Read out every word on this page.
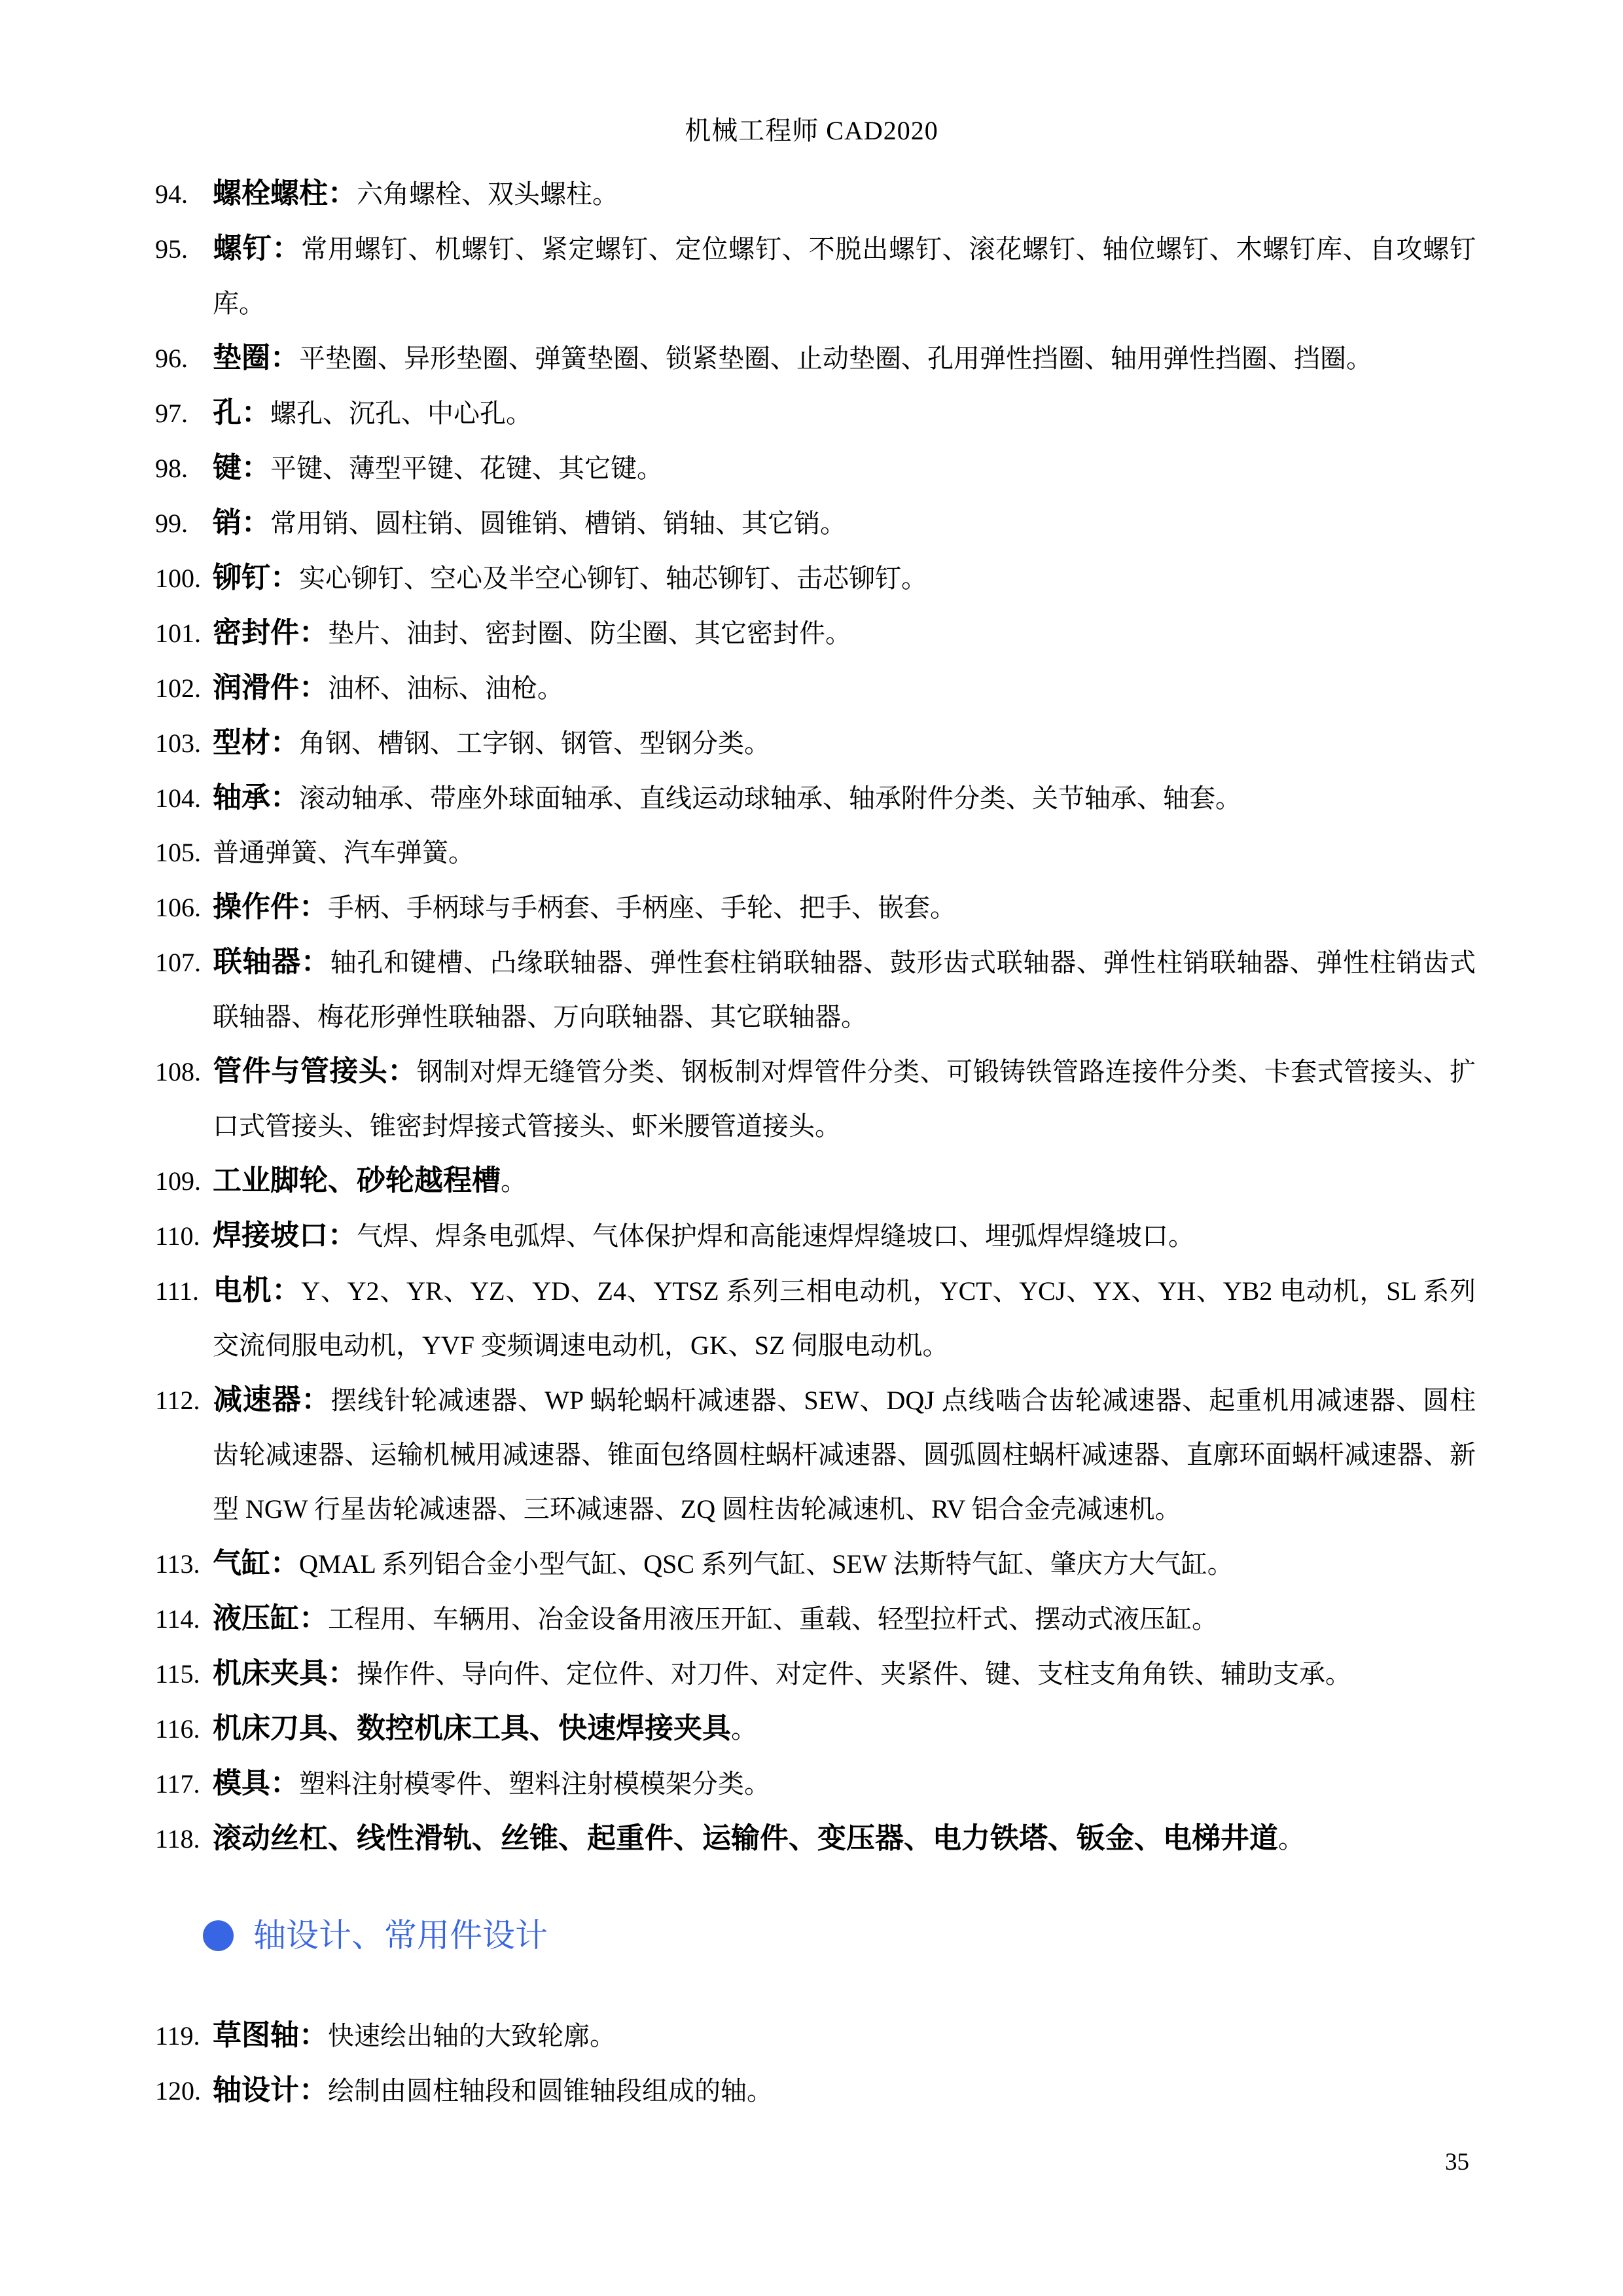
机械工程师 CAD2020
94. 螺栓螺柱：六角螺栓、双头螺柱。
95. 螺钉：常用螺钉、机螺钉、紧定螺钉、定位螺钉、不脱出螺钉、滚花螺钉、轴位螺钉、木螺钉库、自攻螺钉库。
96. 垫圈：平垫圈、异形垫圈、弹簧垫圈、锁紧垫圈、止动垫圈、孔用弹性挡圈、轴用弹性挡圈、挡圈。
97. 孔：螺孔、沉孔、中心孔。
98. 键：平键、薄型平键、花键、其它键。
99. 销：常用销、圆柱销、圆锥销、槽销、销轴、其它销。
100. 铆钉：实心铆钉、空心及半空心铆钉、轴芯铆钉、击芯铆钉。
101. 密封件：垫片、油封、密封圈、防尘圈、其它密封件。
102. 润滑件：油杯、油标、油枪。
103. 型材：角钢、槽钢、工字钢、钢管、型钢分类。
104. 轴承：滚动轴承、带座外球面轴承、直线运动球轴承、轴承附件分类、关节轴承、轴套。
105. 普通弹簧、汽车弹簧。
106. 操作件：手柄、手柄球与手柄套、手柄座、手轮、把手、嵌套。
107. 联轴器：轴孔和键槽、凸缘联轴器、弹性套柱销联轴器、鼓形齿式联轴器、弹性柱销联轴器、弹性柱销齿式联轴器、梅花形弹性联轴器、万向联轴器、其它联轴器。
108. 管件与管接头：钢制对焊无缝管分类、钢板制对焊管件分类、可锻铸铁管路连接件分类、卡套式管接头、扩口式管接头、锥密封焊接式管接头、虾米腰管道接头。
109. 工业脚轮、砂轮越程槽。
110. 焊接坡口：气焊、焊条电弧焊、气体保护焊和高能速焊焊缝坡口、埋弧焊焊缝坡口。
111. 电机：Y、Y2、YR、YZ、YD、Z4、YTSZ 系列三相电动机，YCT、YCJ、YX、YH、YB2 电动机，SL 系列交流伺服电动机，YVF 变频调速电动机，GK、SZ 伺服电动机。
112. 减速器：摆线针轮减速器、WP 蜗轮蜗杆减速器、SEW、DQJ 点线啮合齿轮减速器、起重机用减速器、圆柱齿轮减速器、运输机械用减速器、锥面包络圆柱蜗杆减速器、圆弧圆柱蜗杆减速器、直廓环面蜗杆减速器、新型 NGW 行星齿轮减速器、三环减速器、ZQ 圆柱齿轮减速机、RV 铝合金壳减速机。
113. 气缸：QMAL 系列铝合金小型气缸、QSC 系列气缸、SEW 法斯特气缸、肇庆方大气缸。
114. 液压缸：工程用、车辆用、冶金设备用液压开缸、重载、轻型拉杆式、摆动式液压缸。
115. 机床夹具：操作件、导向件、定位件、对刀件、对定件、夹紧件、键、支柱支角角铁、辅助支承。
116. 机床刀具、数控机床工具、快速焊接夹具。
117. 模具：塑料注射模零件、塑料注射模模架分类。
118. 滚动丝杠、线性滑轨、丝锥、起重件、运输件、变压器、电力铁塔、钣金、电梯井道。
轴设计、常用件设计
119. 草图轴：快速绘出轴的大致轮廓。
120. 轴设计：绘制由圆柱轴段和圆锥轴段组成的轴。
35
